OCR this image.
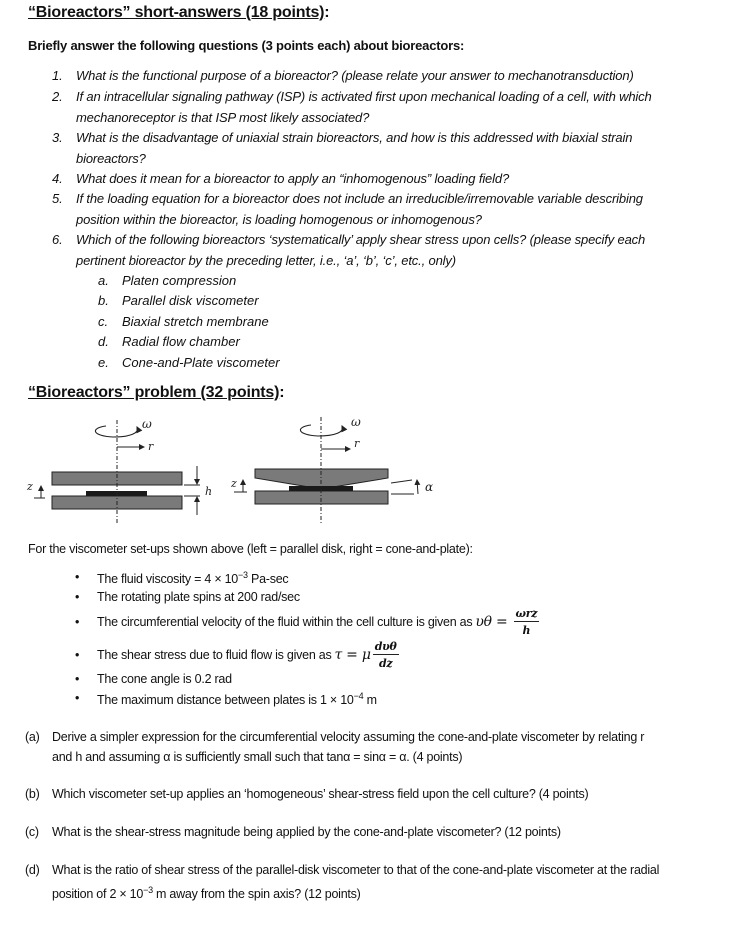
“Bioreactors” short-answers (18 points):
Briefly answer the following questions (3 points each) about bioreactors:
1. What is the functional purpose of a bioreactor? (please relate your answer to mechanotransduction)
2. If an intracellular signaling pathway (ISP) is activated first upon mechanical loading of a cell, with which
mechanoreceptor is that ISP most likely associated?
3. What is the disadvantage of uniaxial strain bioreactors, and how is this addressed with biaxial strain
bioreactors?
4. What does it mean for a bioreactor to apply an “inhomogenous” loading field?
5. If the loading equation for a bioreactor does not include an irreducible/irremovable variable describing
position within the bioreactor, is loading homogenous or inhomogenous?
6. Which of the following bioreactors ‘systematically’ apply shear stress upon cells? (please specify each
pertinent bioreactor by the preceding letter, i.e., ‘a’, ‘b’, ‘c’, etc., only)
a. Platen compression
b. Parallel disk viscometer
c. Biaxial stretch membrane
d. Radial flow chamber
e. Cone-and-Plate viscometer
“Bioreactors” problem (32 points):
ω
r
z	h
ω
r
z	α
For the viscometer set-ups shown above (left = parallel disk, right = cone-and-plate):
• The fluid viscosity = $4 \times 10^{-3}$ Pa-sec
• The rotating plate spins at 200 rad/sec
• The circumferential velocity of the fluid within the cell culture is given as $\upsilon\theta = \frac{\text{ωrz}}{h}$
• The shear stress due to fluid flow is given as τ = μ $\frac{\text{dυθ}}{dz}$
• The cone angle is 0.2 rad
• The maximum distance between plates is $1 \times 10^{-4}$ m
(a) Derive a simpler expression for the circumferential velocity assuming the cone-and-plate viscometer by relating r
and h and assuming α is sufficiently small such that tanα = sinα = α. (4 points)
(b) Which viscometer set-up applies an ‘homogeneous’ shear-stress field upon the cell culture? (4 points)
(c) What is the shear-stress magnitude being applied by the cone-and-plate viscometer? (12 points)
(d) What is the ratio of shear stress of the parallel-disk viscometer to that of the cone-and-plate viscometer at the radial
position of $2 \times 10^{-3}$ m away from the spin axis? (12 points)
